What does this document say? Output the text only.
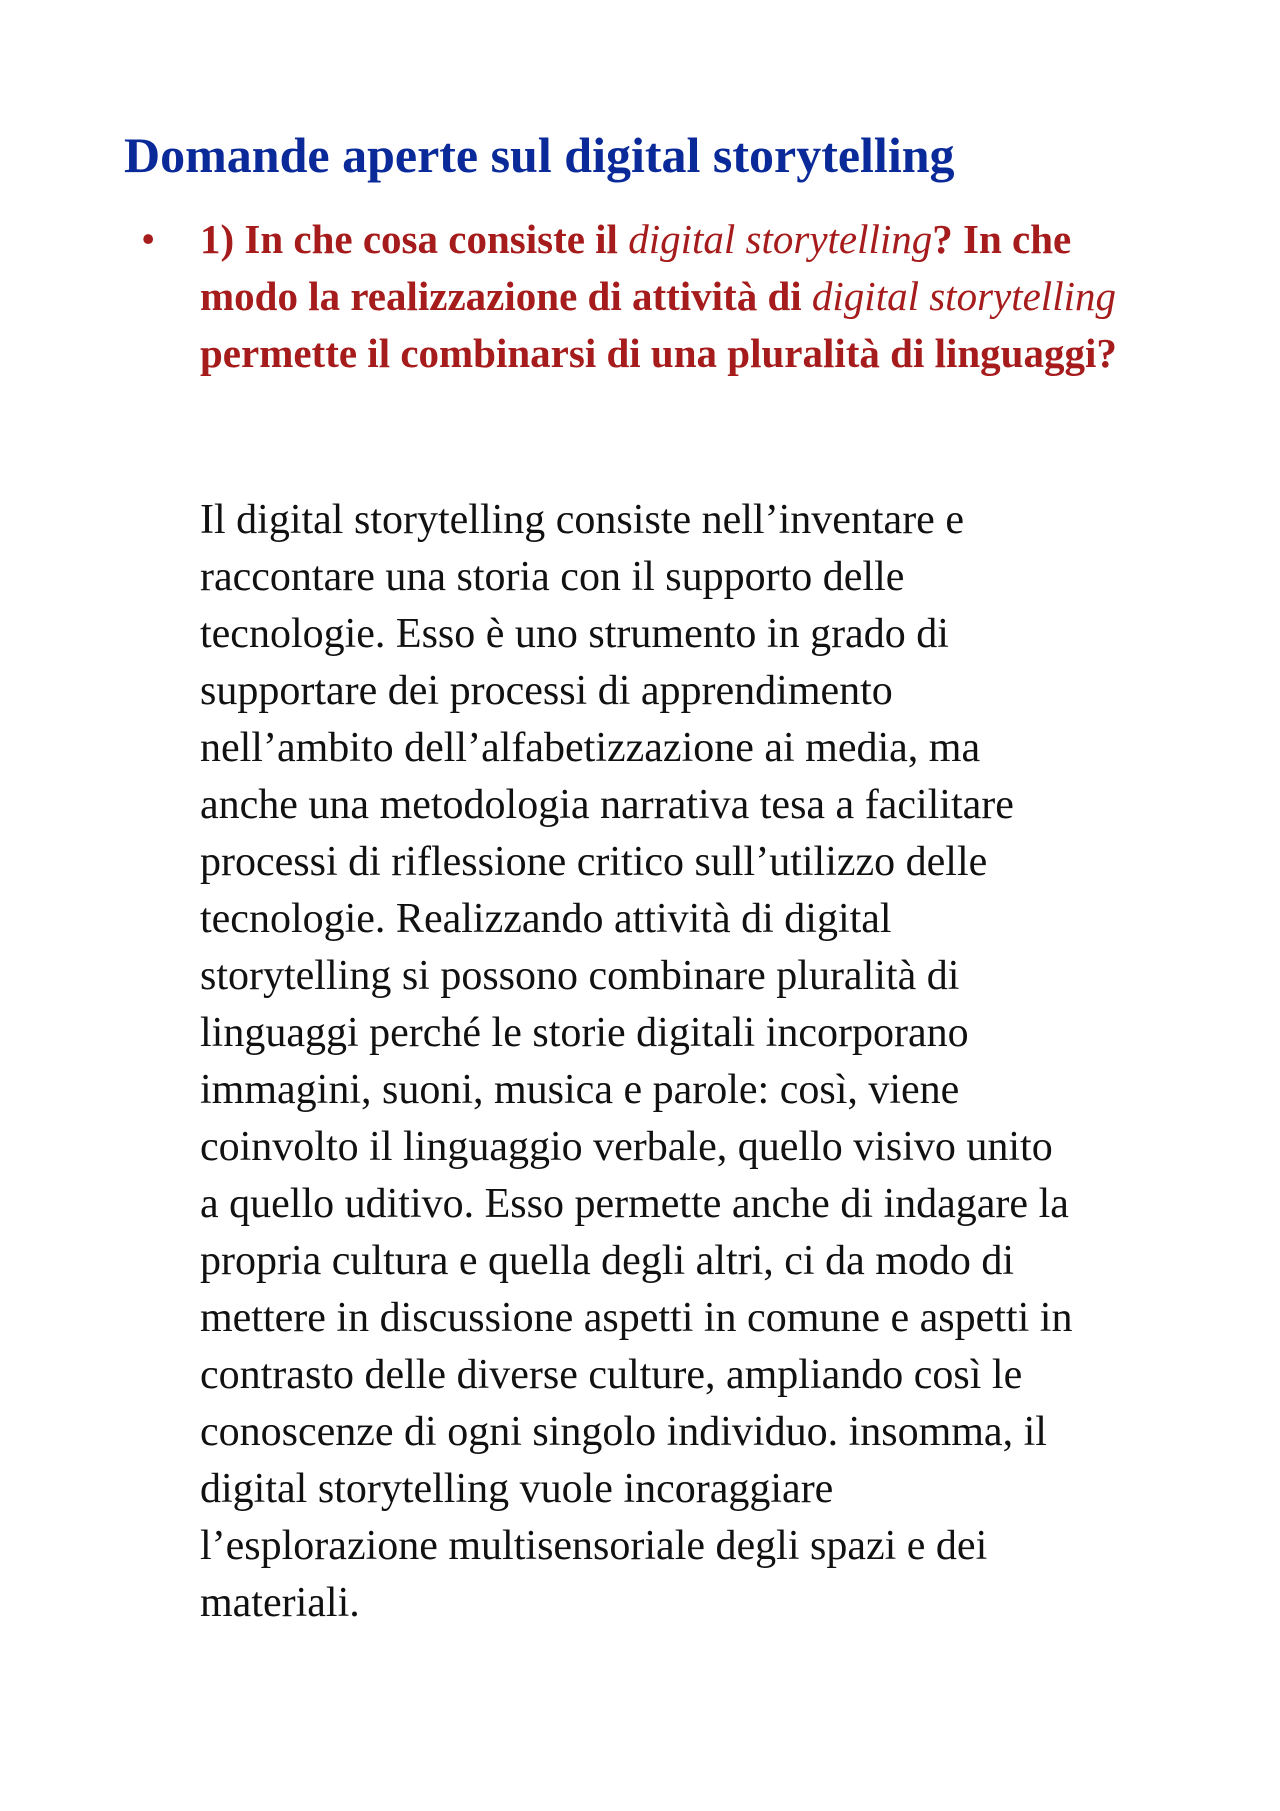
Domande aperte sul digital storytelling
• 1) In che cosa consiste il digital storytelling? In che modo la realizzazione di attività di digital storytelling permette il combinarsi di una pluralità di linguaggi?

Il digital storytelling consiste nell’inventare e
raccontare una storia con il supporto delle
tecnologie. Esso è uno strumento in grado di
supportare dei processi di apprendimento
nell’ambito dell’alfabetizzazione ai media, ma
anche una metodologia narrativa tesa a facilitare
processi di riflessione critico sull’utilizzo delle
tecnologie. Realizzando attività di digital
storytelling si possono combinare pluralità di
linguaggi perché le storie digitali incorporano
immagini, suoni, musica e parole: così, viene
coinvolto il linguaggio verbale, quello visivo unito
a quello uditivo. Esso permette anche di indagare la
propria cultura e quella degli altri, ci da modo di
mettere in discussione aspetti in comune e aspetti in
contrasto delle diverse culture, ampliando così le
conoscenze di ogni singolo individuo. insomma, il
digital storytelling vuole incoraggiare
l’esplorazione multisensoriale degli spazi e dei
materiali.
